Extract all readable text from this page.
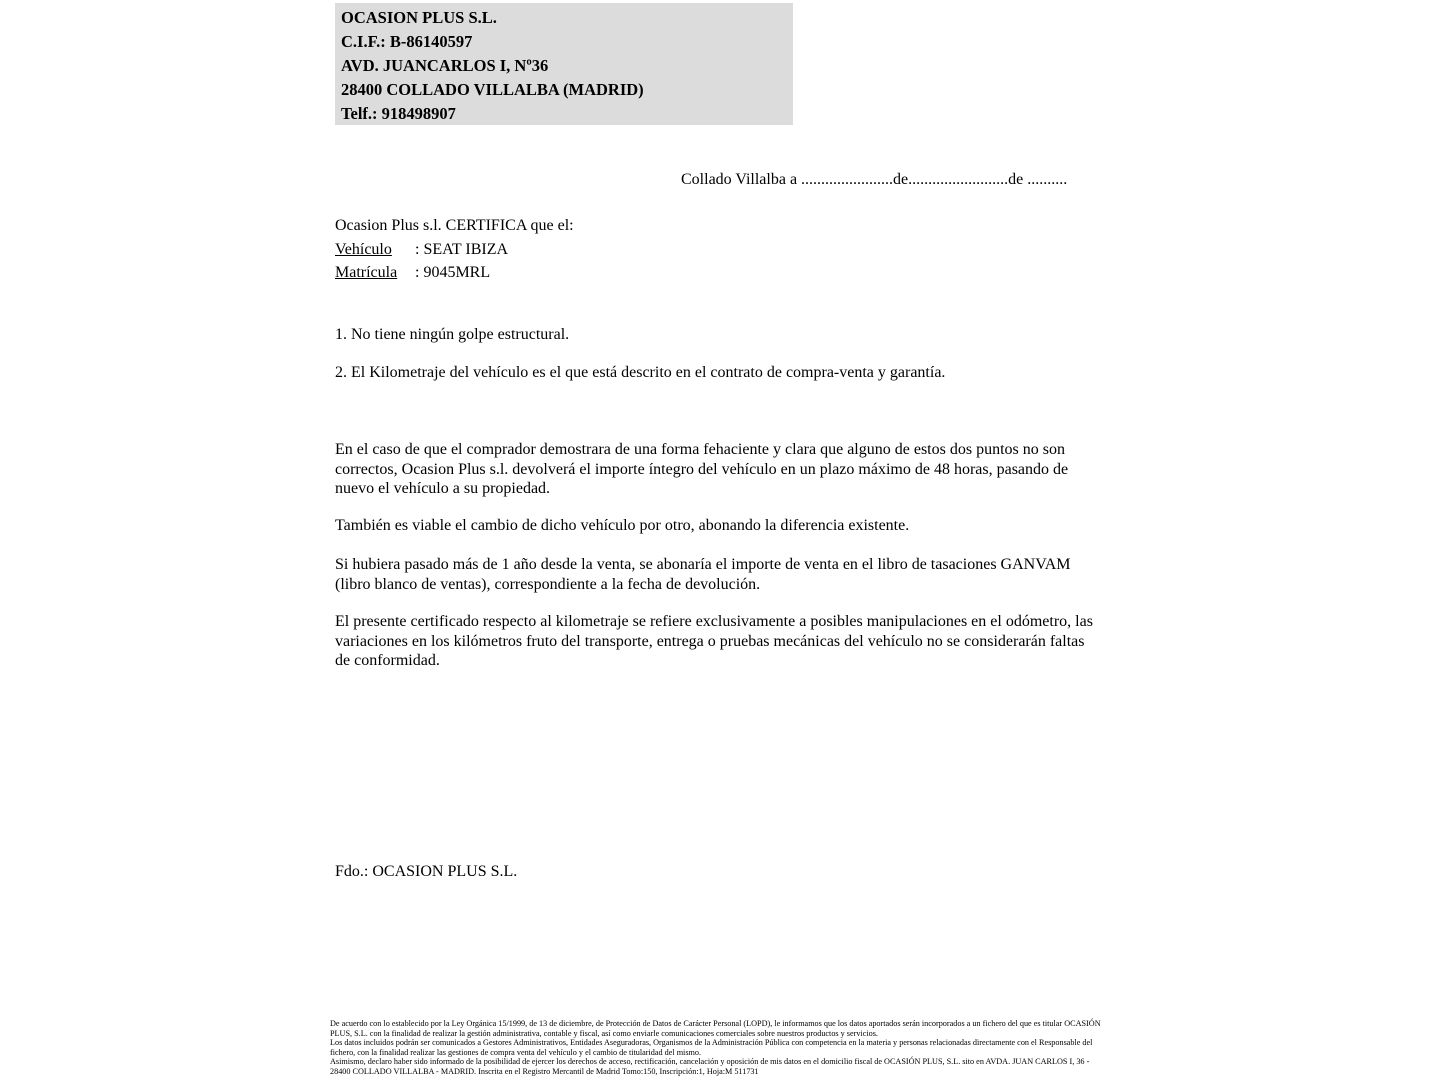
OCASION PLUS S.L.
C.I.F.: B-86140597
AVD. JUANCARLOS I, Nº36
28400 COLLADO VILLALBA (MADRID)
Telf.: 918498907
Collado Villalba a .......................de.........................de ..........
Ocasion Plus s.l. CERTIFICA que el:
Vehículo : SEAT IBIZA
Matrícula : 9045MRL
1. No tiene ningún golpe estructural.
2. El Kilometraje del vehículo es el que está descrito en el contrato de compra-venta y garantía.
En el caso de que el comprador demostrara de una forma fehaciente y clara que alguno de estos dos puntos no son correctos, Ocasion Plus s.l. devolverá el importe íntegro del vehículo en un plazo máximo de 48 horas, pasando de nuevo el vehículo a su propiedad.
También es viable el cambio de dicho vehículo por otro, abonando la diferencia existente.
Si hubiera pasado más de 1 año desde la venta, se abonaría el importe de venta en el libro de tasaciones GANVAM (libro blanco de ventas), correspondiente a la fecha de devolución.
El presente certificado respecto al kilometraje se refiere exclusivamente a posibles manipulaciones en el odómetro, las variaciones en los kilómetros fruto del transporte, entrega o pruebas mecánicas del vehículo no se considerarán faltas de conformidad.
Fdo.: OCASION PLUS S.L.

De acuerdo con lo establecido por la Ley Orgánica 15/1999, de 13 de diciembre, de Protección de Datos de Carácter Personal (LOPD), le informamos que los datos aportados serán incorporados a un fichero del que es titular OCASIÓN PLUS, S.L. con la finalidad de realizar la gestión administrativa, contable y fiscal, así como enviarle comunicaciones comerciales sobre nuestros productos y servicios.

Los datos incluidos podrán ser comunicados a Gestores Administrativos, Entidades Aseguradoras, Organismos de la Administración Pública con competencia en la materia y personas relacionadas directamente con el Responsable del fichero, con la finalidad realizar las gestiones de compra venta del vehículo y el cambio de titularidad del mismo.

Asimismo, declaro haber sido informado de la posibilidad de ejercer los derechos de acceso, rectificación, cancelación y oposición de mis datos en el domicilio fiscal de OCASIÓN PLUS, S.L. sito en AVDA. JUAN CARLOS I, 36 - 28400 COLLADO VILLALBA - MADRID. Inscrita en el Registro Mercantil de Madrid Tomo:150, Inscripción:1, Hoja:M 511731
